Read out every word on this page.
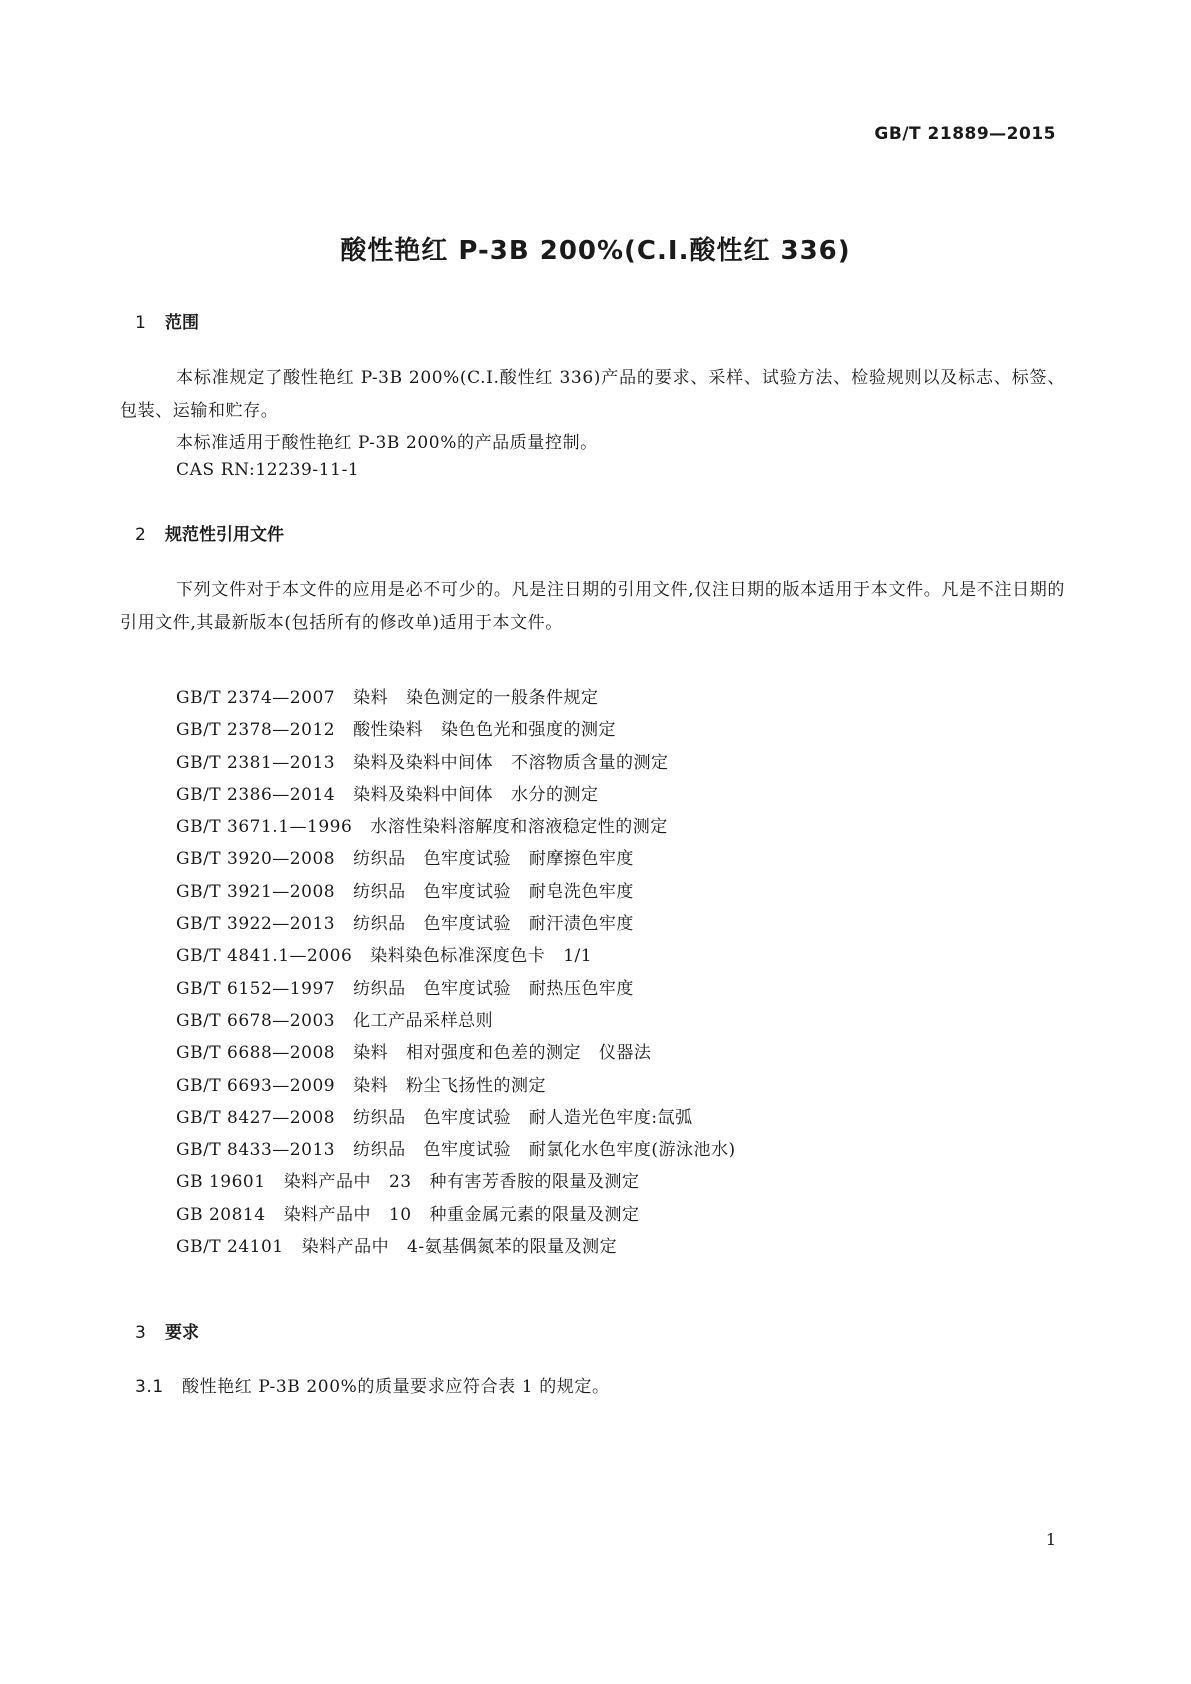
GB/T 21889—2015
酸性艳红 P-3B 200%(C.I.酸性红 336)
1 范围
本标准规定了酸性艳红 P-3B 200%(C.I.酸性红 336)产品的要求、采样、试验方法、检验规则以及标志、标签、包装、运输和贮存。
本标准适用于酸性艳红 P-3B 200%的产品质量控制。
CAS RN:12239-11-1
2 规范性引用文件
下列文件对于本文件的应用是必不可少的。凡是注日期的引用文件,仅注日期的版本适用于本文件。凡是不注日期的引用文件,其最新版本(包括所有的修改单)适用于本文件。
GB/T 2374—2007 染料 染色测定的一般条件规定
GB/T 2378—2012 酸性染料 染色色光和强度的测定
GB/T 2381—2013 染料及染料中间体 不溶物质含量的测定
GB/T 2386—2014 染料及染料中间体 水分的测定
GB/T 3671.1—1996 水溶性染料溶解度和溶液稳定性的测定
GB/T 3920—2008 纺织品 色牢度试验 耐摩擦色牢度
GB/T 3921—2008 纺织品 色牢度试验 耐皂洗色牢度
GB/T 3922—2013 纺织品 色牢度试验 耐汗渍色牢度
GB/T 4841.1—2006 染料染色标准深度色卡 1/1
GB/T 6152—1997 纺织品 色牢度试验 耐热压色牢度
GB/T 6678—2003 化工产品采样总则
GB/T 6688—2008 染料 相对强度和色差的测定 仪器法
GB/T 6693—2009 染料 粉尘飞扬性的测定
GB/T 8427—2008 纺织品 色牢度试验 耐人造光色牢度:氙弧
GB/T 8433—2013 纺织品 色牢度试验 耐氯化水色牢度(游泳池水)
GB 19601 染料产品中 23 种有害芳香胺的限量及测定
GB 20814 染料产品中 10 种重金属元素的限量及测定
GB/T 24101 染料产品中 4-氨基偶氮苯的限量及测定
3 要求
3.1 酸性艳红 P-3B 200%的质量要求应符合表 1 的规定。
1
